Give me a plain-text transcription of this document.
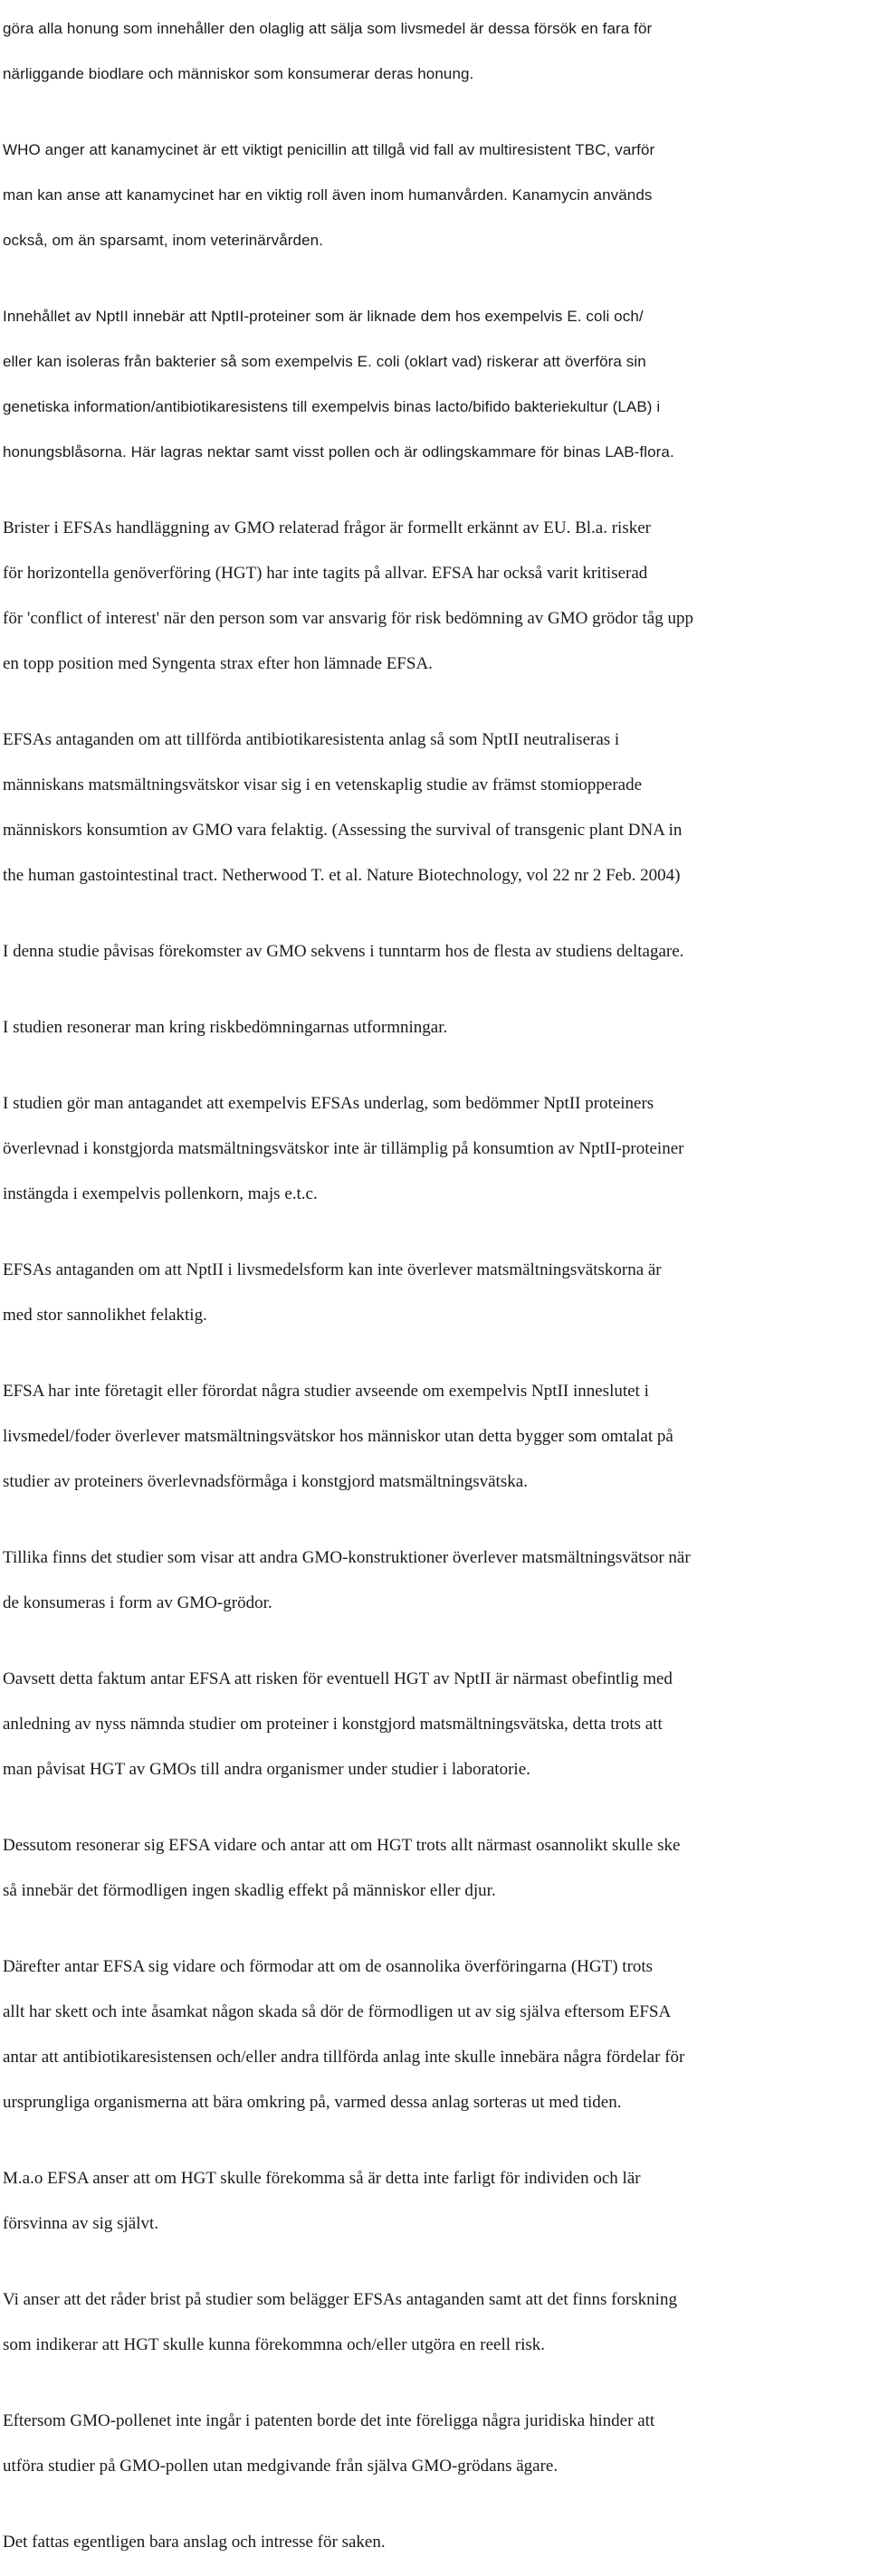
göra alla honung som innehåller den olaglig att sälja som livsmedel är dessa försök en fara för

närliggande biodlare och människor som konsumerar deras honung.

WHO anger att kanamycinet är ett viktigt penicillin att tillgå vid fall av multiresistent TBC, varför

man kan anse att kanamycinet har en viktig roll även inom humanvården. Kanamycin används

också, om än sparsamt, inom veterinärvården.

Innehållet av NptII innebär att NptII-proteiner som är liknade dem hos exempelvis E. coli och/

eller kan isoleras från bakterier så som exempelvis E. coli (oklart vad) riskerar att överföra sin

genetiska information/antibiotikaresistens till exempelvis binas lacto/bifido bakteriekultur (LAB) i

honungsblåsorna. Här lagras nektar samt visst pollen och är odlingskammare för binas LAB-flora.

Brister i EFSAs handläggning av GMO relaterad frågor är formellt erkännt av EU. Bl.a. risker

för horizontella genöverföring (HGT) har inte tagits på allvar. EFSA har också varit kritiserad

för 'conflict of interest' när den person som var ansvarig för risk bedömning av GMO grödor tåg upp

en topp position med Syngenta strax efter hon lämnade EFSA.

EFSAs antaganden om att tillförda antibiotikaresistenta anlag så som NptII neutraliseras i

människans matsmältningsvätskor visar sig i en vetenskaplig studie av främst stomiopperade

människors konsumtion av GMO vara felaktig. (Assessing the survival of transgenic plant DNA in

the human gastointestinal tract. Netherwood T. et al. Nature Biotechnology, vol 22 nr 2 Feb. 2004)

I denna studie påvisas förekomster av GMO sekvens i tunntarm hos de flesta av studiens deltagare.

I studien resonerar man kring riskbedömningarnas utformningar.

I studien gör man antagandet att exempelvis EFSAs underlag, som bedömmer NptII proteiners

överlevnad i konstgjorda matsmältningsvätskor inte är tillämplig på konsumtion av NptII-proteiner

instängda i exempelvis pollenkorn, majs e.t.c.

EFSAs antaganden om att NptII i livsmedelsform kan inte överlever matsmältningsvätskorna är

med stor sannolikhet felaktig.

EFSA har inte företagit eller förordat några studier avseende om exempelvis NptII inneslutet i

livsmedel/foder överlever matsmältningsvätskor hos människor utan detta bygger som omtalat på

studier av proteiners överlevnadsförmåga i konstgjord matsmältningsvätska.

Tillika finns det studier som visar att andra GMO-konstruktioner överlever matsmältningsvätsor när

de konsumeras i form av GMO-grödor.

Oavsett detta faktum antar EFSA att risken för eventuell HGT av NptII är närmast obefintlig med

anledning av nyss nämnda studier om proteiner i konstgjord matsmältningsvätska, detta trots att

man påvisat HGT av GMOs till andra organismer under studier i laboratorie.

Dessutom resonerar sig EFSA vidare och antar att om HGT trots allt närmast osannolikt skulle ske

så innebär det förmodligen ingen skadlig effekt på människor eller djur.

Därefter antar EFSA sig vidare och förmodar att om de osannolika överföringarna (HGT) trots

allt har skett och inte åsamkat någon skada så dör de förmodligen ut av sig själva eftersom EFSA

antar att antibiotikaresistensen och/eller andra tillförda anlag inte skulle innebära några fördelar för

ursprungliga organismerna att bära omkring på, varmed dessa anlag sorteras ut med tiden.

M.a.o EFSA anser att om HGT skulle förekomma så är detta inte farligt för individen och lär

försvinna av sig självt.

Vi anser att det råder brist på studier som belägger EFSAs antaganden samt att det finns forskning

som indikerar att HGT skulle kunna förekommna och/eller utgöra en reell risk.

Eftersom GMO-pollenet inte ingår i patenten borde det inte föreligga några juridiska hinder att

utföra studier på GMO-pollen utan medgivande från själva GMO-grödans ägare.

Det fattas egentligen bara anslag och intresse för saken.
